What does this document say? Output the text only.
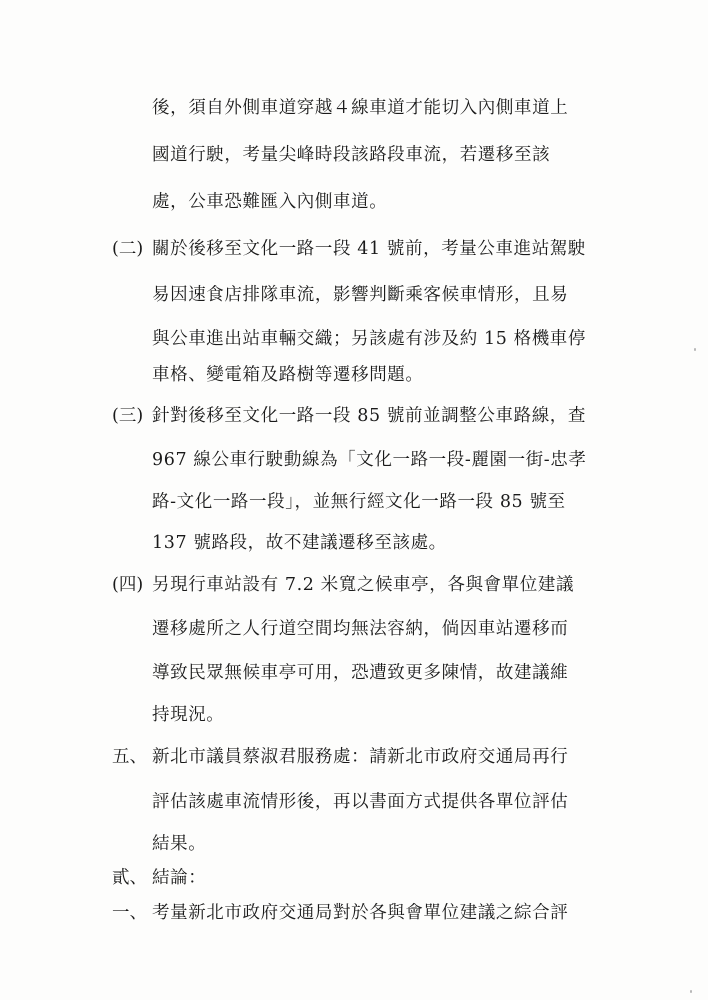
後，須自外側車道穿越４線車道才能切入內側車道上
國道行駛，考量尖峰時段該路段車流，若遷移至該
處，公車恐難匯入內側車道。
(二) 關於後移至文化一路一段 41 號前，考量公車進站駕駛
易因速食店排隊車流，影響判斷乘客候車情形，且易
與公車進出站車輛交織；另該處有涉及約 15 格機車停
車格、變電箱及路樹等遷移問題。
(三) 針對後移至文化一路一段 85 號前並調整公車路線，查
967 線公車行駛動線為「文化一路一段-麗園一街-忠孝
路-文化一路一段」，並無行經文化一路一段 85 號至
137 號路段，故不建議遷移至該處。
(四) 另現行車站設有 7.2 米寬之候車亭，各與會單位建議
遷移處所之人行道空間均無法容納，倘因車站遷移而
導致民眾無候車亭可用，恐遭致更多陳情，故建議維
持現況。
五、 新北市議員蔡淑君服務處：請新北市政府交通局再行
評估該處車流情形後，再以書面方式提供各單位評估
結果。
貳、 結論：
一、 考量新北市政府交通局對於各與會單位建議之綜合評
